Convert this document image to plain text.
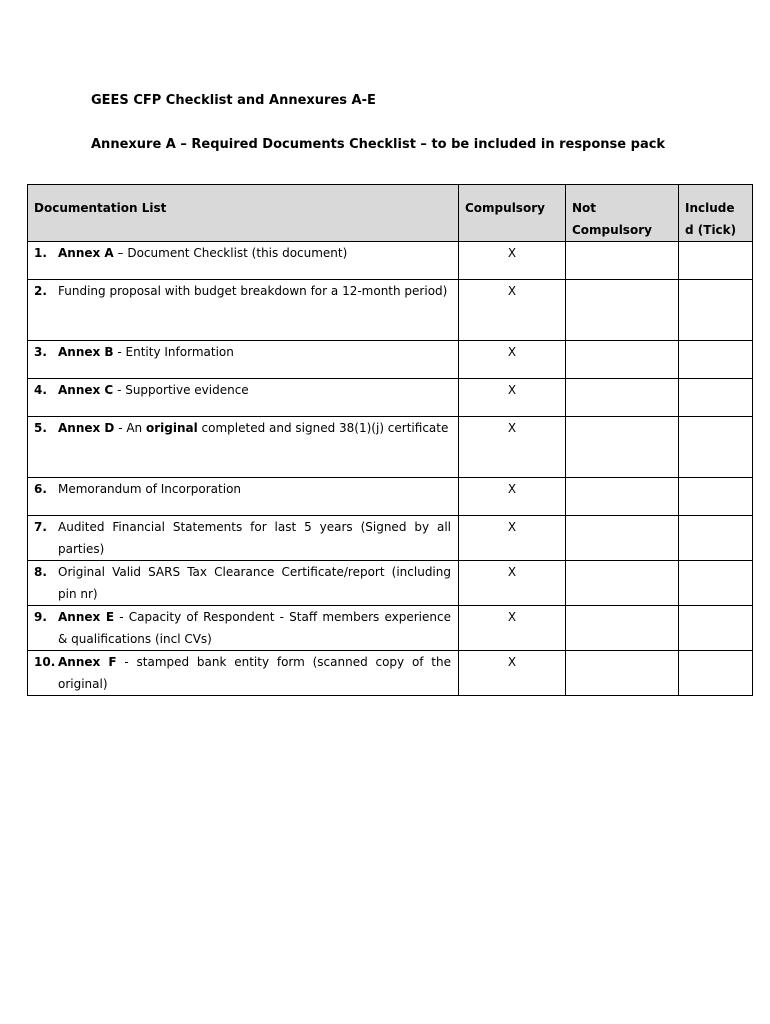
GEES CFP Checklist and Annexures A-E

Annexure A – Required Documents Checklist – to be included in response pack

Documentation List	Compulsory	Not Compulsory	Include d (Tick)

1. Annex A – Document Checklist (this document)	X		

2. Funding proposal with budget breakdown for a 12-month period)	X		

3. Annex B - Entity Information	X		

4. Annex C - Supportive evidence	X		

5. Annex D - An original completed and signed 38(1)(j) certificate	X		

6. Memorandum of Incorporation	X		

7. Audited Financial Statements for last 5 years (Signed by all parties)	X		

8. Original Valid SARS Tax Clearance Certificate/report (including pin nr)	X		

9. Annex E - Capacity of Respondent - Staff members experience & qualifications (incl CVs)	X		

10. Annex F - stamped bank entity form (scanned copy of the original)	X		
